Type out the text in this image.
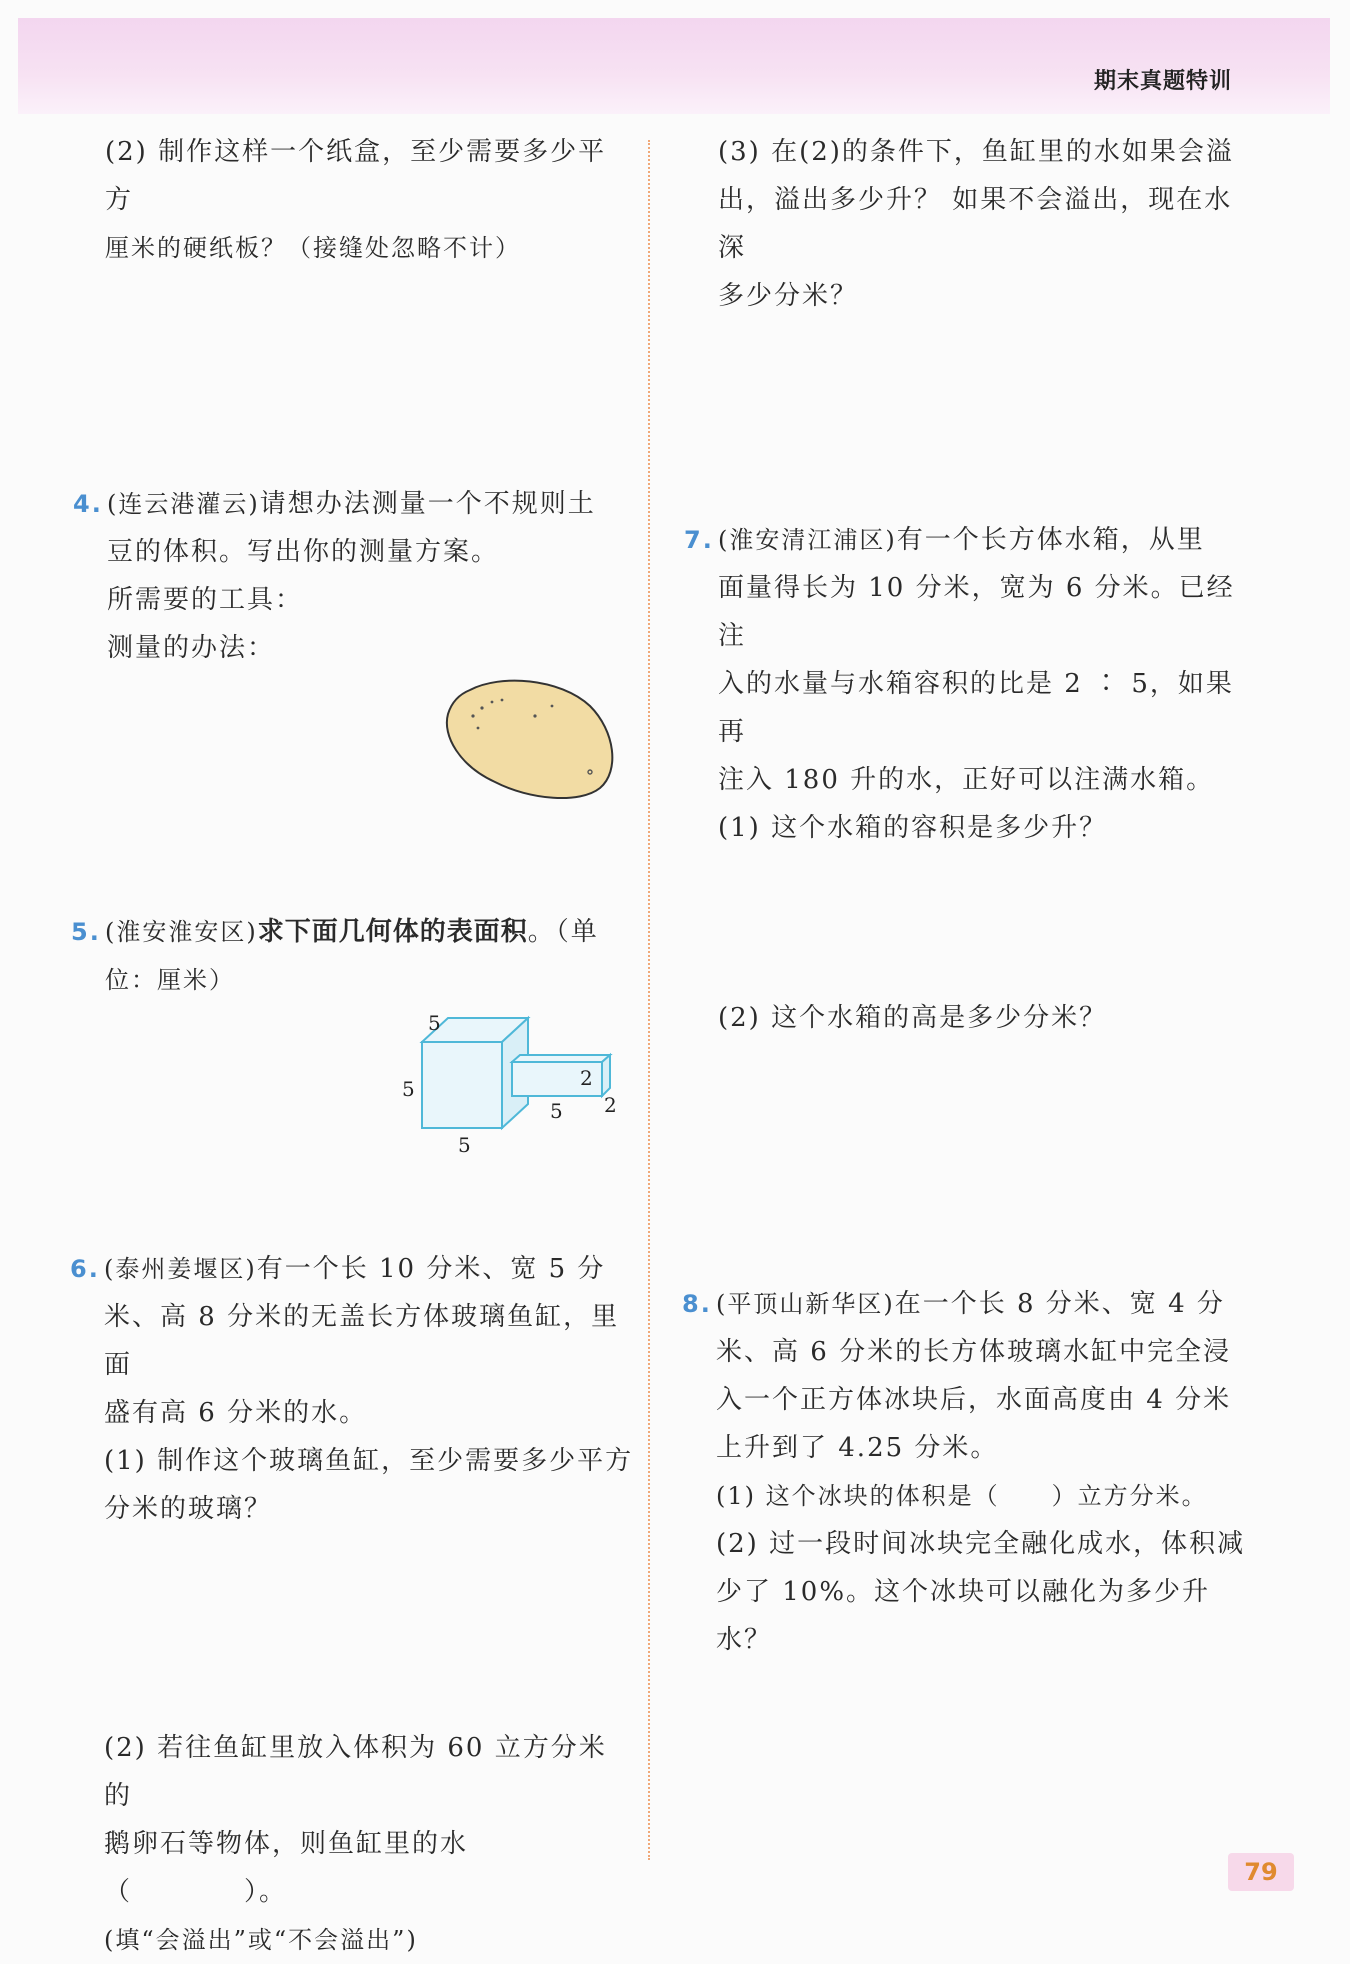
期末真题特训

(2) 制作这样一个纸盒，至少需要多少平方

厘米的硬纸板？（接缝处忽略不计）

4. (连云港灌云)请想办法测量一个不规则土

豆的体积。写出你的测量方案。

所需要的工具：

测量的办法：

5. (淮安淮安区)求下面几何体的表面积。（单

位：厘米）

5
5
5
2
2
5

6. (泰州姜堰区)有一个长 10 分米、宽 5 分

米、高 8 分米的无盖长方体玻璃鱼缸，里面

盛有高 6 分米的水。

(1) 制作这个玻璃鱼缸，至少需要多少平方

分米的玻璃？

(2) 若往鱼缸里放入体积为 60 立方分米的

鹅卵石等物体，则鱼缸里的水（　　　　）。

(填“会溢出”或“不会溢出”)

(3) 在(2)的条件下，鱼缸里的水如果会溢

出，溢出多少升？ 如果不会溢出，现在水深

多少分米？

7. (淮安清江浦区)有一个长方体水箱，从里

面量得长为 10 分米，宽为 6 分米。已经注

入的水量与水箱容积的比是 2 ∶ 5，如果再

注入 180 升的水，正好可以注满水箱。

(1) 这个水箱的容积是多少升？

(2) 这个水箱的高是多少分米？

8. (平顶山新华区)在一个长 8 分米、宽 4 分

米、高 6 分米的长方体玻璃水缸中完全浸

入一个正方体冰块后，水面高度由 4 分米

上升到了 4.25 分米。

(1) 这个冰块的体积是（　　）立方分米。

(2) 过一段时间冰块完全融化成水，体积减

少了 10%。这个冰块可以融化为多少升水？

79
